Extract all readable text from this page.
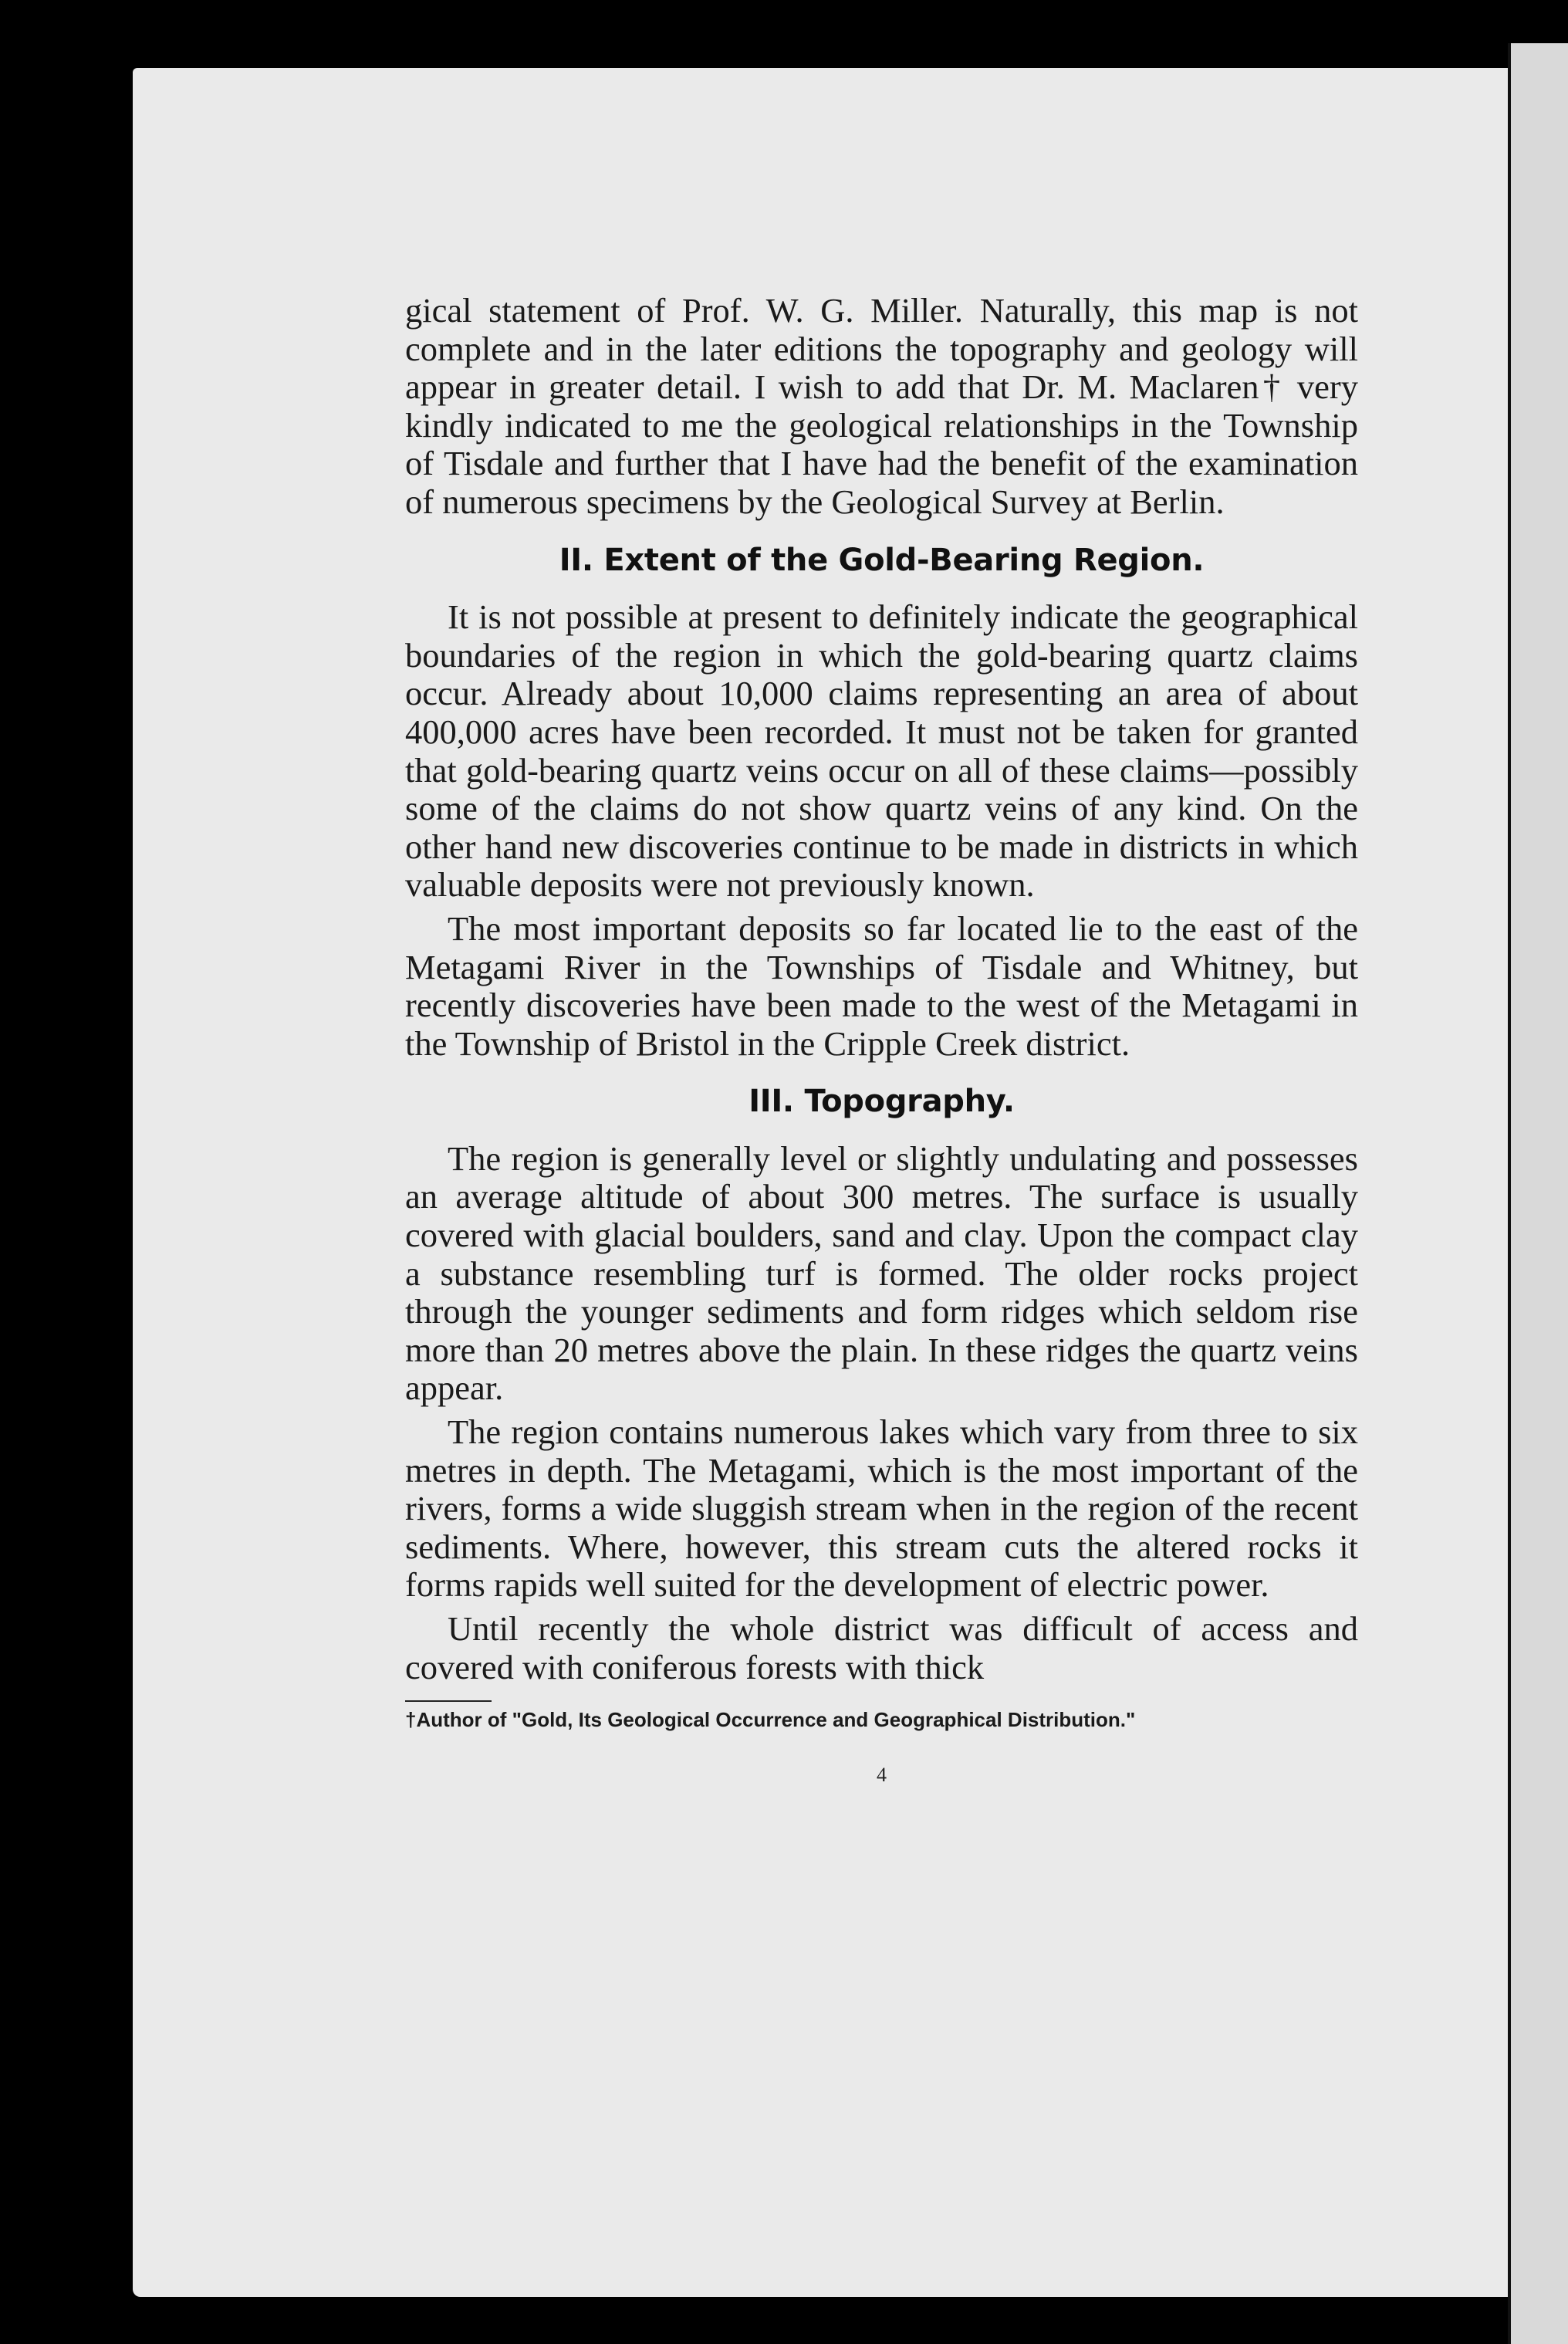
gical statement of Prof. W. G. Miller. Naturally, this map is not complete and in the later editions the topography and geology will appear in greater detail. I wish to add that Dr. M. Maclaren† very kindly indicated to me the geological relationships in the Township of Tisdale and further that I have had the benefit of the examination of numerous specimens by the Geological Survey at Berlin.

II. Extent of the Gold-Bearing Region.

It is not possible at present to definitely indicate the geographical boundaries of the region in which the gold-bearing quartz claims occur. Already about 10,000 claims representing an area of about 400,000 acres have been recorded. It must not be taken for granted that gold-bearing quartz veins occur on all of these claims—possibly some of the claims do not show quartz veins of any kind. On the other hand new discoveries continue to be made in districts in which valuable deposits were not previously known.

The most important deposits so far located lie to the east of the Metagami River in the Townships of Tisdale and Whitney, but recently discoveries have been made to the west of the Metagami in the Township of Bristol in the Cripple Creek district.

III. Topography.

The region is generally level or slightly undulating and possesses an average altitude of about 300 metres. The surface is usually covered with glacial boulders, sand and clay. Upon the compact clay a substance resembling turf is formed. The older rocks project through the younger sediments and form ridges which seldom rise more than 20 metres above the plain. In these ridges the quartz veins appear.

The region contains numerous lakes which vary from three to six metres in depth. The Metagami, which is the most important of the rivers, forms a wide sluggish stream when in the region of the recent sediments. Where, however, this stream cuts the altered rocks it forms rapids well suited for the development of electric power.

Until recently the whole district was difficult of access and covered with coniferous forests with thick

†Author of "Gold, Its Geological Occurrence and Geographical Distribution."

4
